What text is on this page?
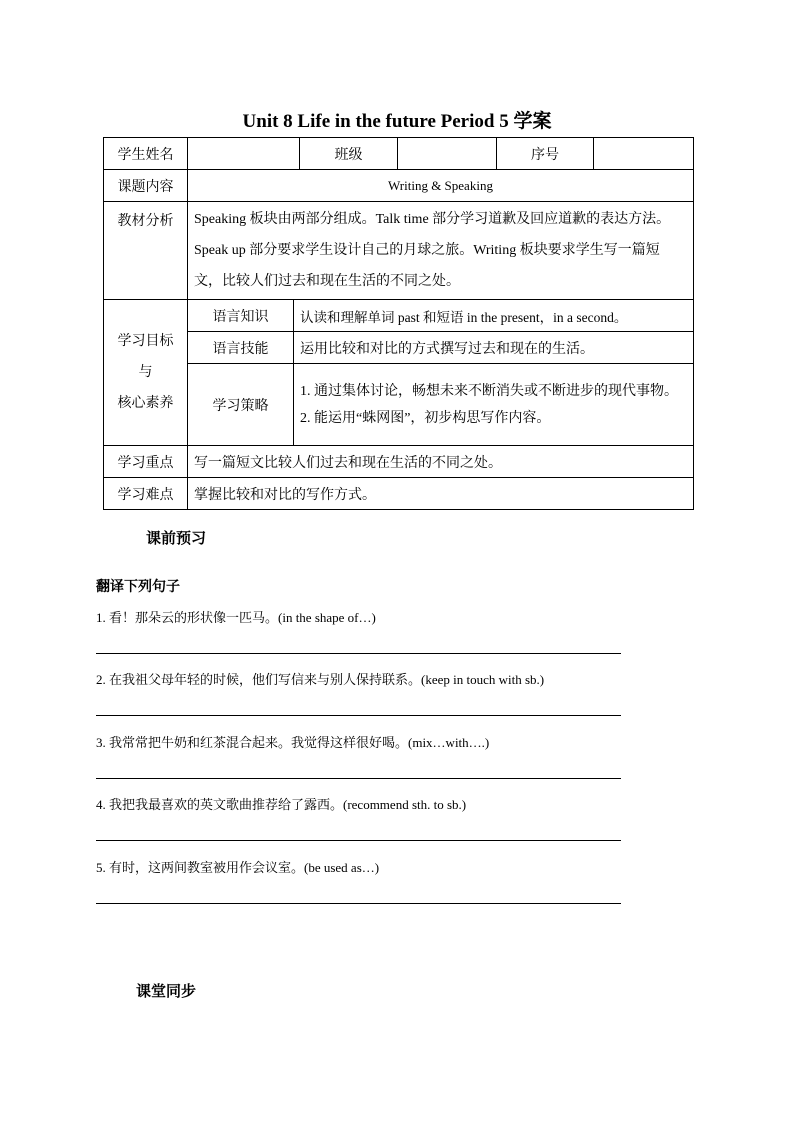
Unit 8 Life in the future Period 5 学案
学生姓名			班级		序号	
课题内容	Writing & Speaking					
教材分析	Speaking 板块由两部分组成。Talk time 部分学习道歉及回应道歉的表达方法。Speak up 部分要求学生设计自己的月球之旅。Writing 板块要求学生写一篇短文，比较人们过去和现在生活的不同之处。					

学习目标
与
核心素养	语言知识	认读和理解单词 past 和短语 in the present，in a second。				
	语言技能	运用比较和对比的方式撰写过去和现在的生活。				
	学习策略	1. 通过集体讨论，畅想未来不断消失或不断进步的现代事物。
2. 能运用“蛛网图”，初步构思写作内容。				

学习重点	写一篇短文比较人们过去和现在生活的不同之处。					
学习难点	掌握比较和对比的写作方式。					
课前预习
翻译下列句子
1. 看！那朵云的形状像一匹马。(in the shape of…)
2. 在我祖父母年轻的时候，他们写信来与别人保持联系。(keep in touch with sb.)
3. 我常常把牛奶和红茶混合起来。我觉得这样很好喝。(mix…with….)
4. 我把我最喜欢的英文歌曲推荐给了露西。(recommend sth. to sb.)
5. 有时，这两间教室被用作会议室。(be used as…)
课堂同步
